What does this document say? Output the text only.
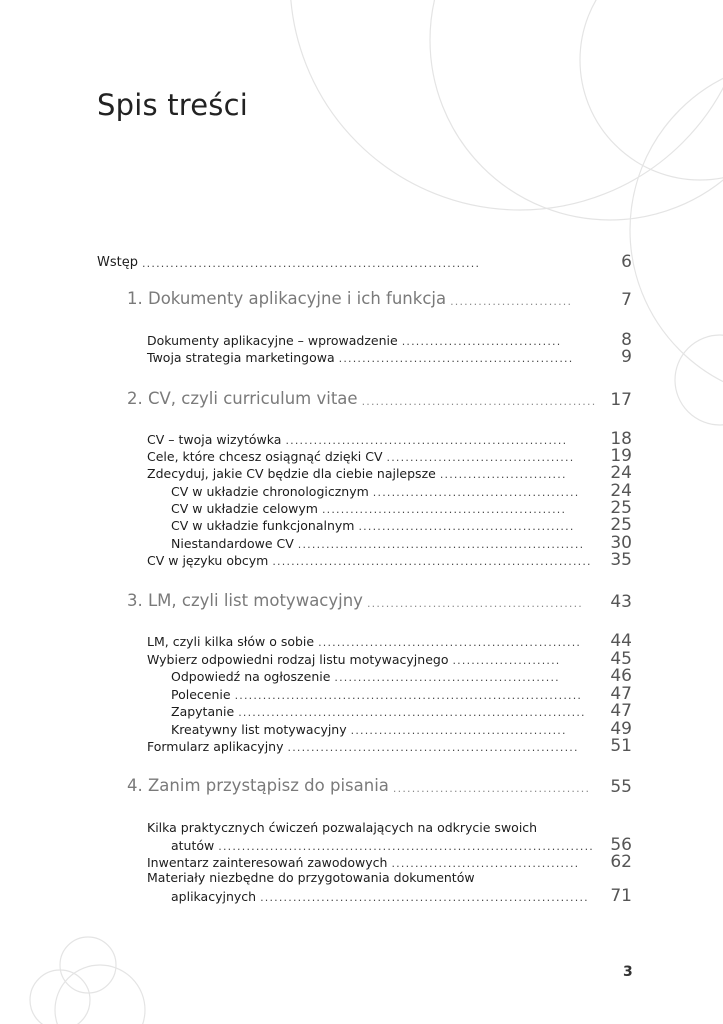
Spis treści
Wstęp ........................................................................	6
1. Dokumenty aplikacyjne i ich funkcja ..........................	7
Dokumenty aplikacyjne – wprowadzenie ..................................	8
Twoja strategia marketingowa ..................................................	9
2. CV, czyli curriculum vitae .................................................. 17
CV – twoja wizytówka ............................................................	18
Cele, które chcesz osiągnąć dzięki CV ........................................ 19
Zdecyduj, jakie CV będzie dla ciebie najlepsze ...........................	24
CV w układzie chronologicznym ............................................ 24
CV w układzie celowym ....................................................	25
CV w układzie funkcjonalnym .............................................. 25
Niestandardowe CV ............................................................. 30
CV w języku obcym .................................................................... 35
3. LM, czyli list motywacyjny .............................................. 43
LM, czyli kilka słów o sobie ........................................................ 44
Wybierz odpowiedni rodzaj listu motywacyjnego .......................	45
Odpowiedź na ogłoszenie ................................................	46
Polecenie .......................................................................... 47
Zapytanie .......................................................................... 47
Kreatywny list motywacyjny ..............................................	49
Formularz aplikacyjny .............................................................. 51
4. Zanim przystąpisz do pisania .......................................... 55
Kilka praktycznych ćwiczeń pozwalających na odkrycie swoich
atutów ................................................................................ 56
Inwentarz zainteresowań zawodowych ........................................ 62
Materiały niezbędne do przygotowania dokumentów
aplikacyjnych ...................................................................... 71
3
